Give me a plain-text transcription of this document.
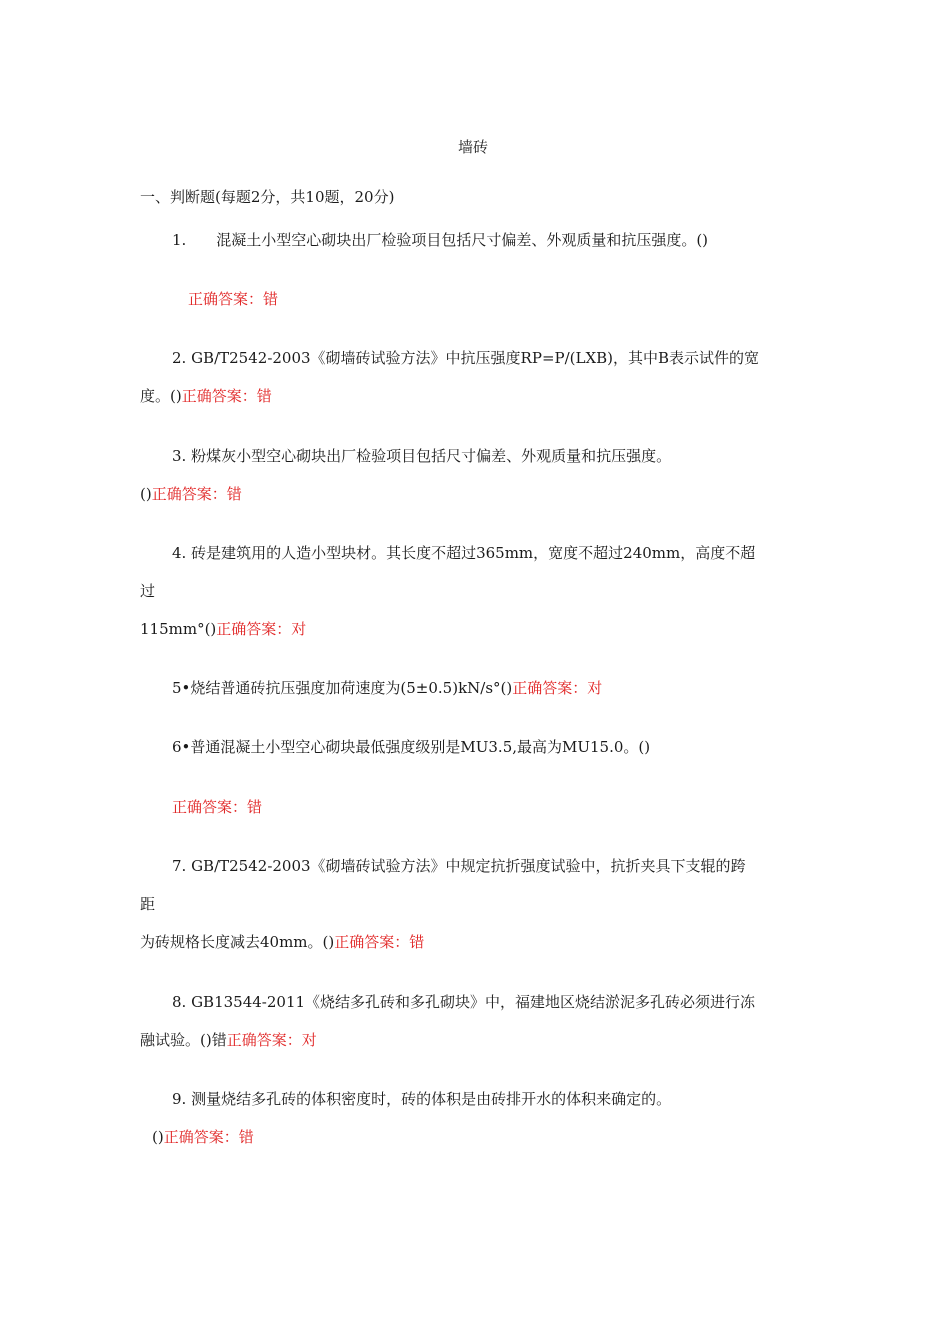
墙砖
一、判断题(每题2分，共10题，20分)
1.　　混凝土小型空心砌块出厂检验项目包括尺寸偏差、外观质量和抗压强度。()
正确答案：错
2. GB/T2542-2003《砌墙砖试验方法》中抗压强度RP=P/(LXB)，其中B表示试件的宽
度。()正确答案：错
3. 粉煤灰小型空心砌块出厂检验项目包括尺寸偏差、外观质量和抗压强度。
()正确答案：错
4. 砖是建筑用的人造小型块材。其长度不超过365mm，宽度不超过240mm，高度不超
过
115mm°()正确答案：对
5•烧结普通砖抗压强度加荷速度为(5±0.5)kN/s°()正确答案：对
6•普通混凝土小型空心砌块最低强度级别是MU3.5,最高为MU15.0。()
正确答案：错
7. GB/T2542-2003《砌墙砖试验方法》中规定抗折强度试验中，抗折夹具下支辊的跨
距
为砖规格长度减去40mm。()正确答案：错
8. GB13544-2011《烧结多孔砖和多孔砌块》中，福建地区烧结淤泥多孔砖必须进行冻
融试验。()错正确答案：对
9. 测量烧结多孔砖的体积密度时，砖的体积是由砖排开水的体积来确定的。
()正确答案：错
